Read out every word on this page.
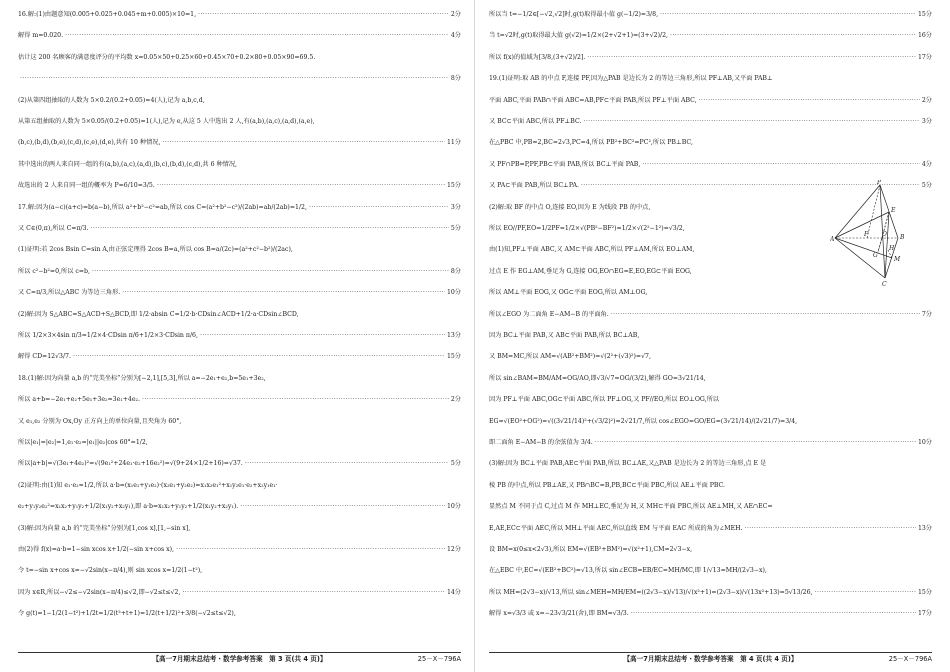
16.解:(1)由题意知(0.005+0.025+0.045+m+0.005)×10=1, ·····	2分
解得 m=0.020. ·····	4分
估计这 200 名顾客的满意度评分的平均数 x=0.05×50+0.25×60+0.45×70+0.2×80+0.05×90=69.5.
·····
8分
(2)从第四组抽取的人数为 5×0.2/(0.2+0.05)=4(人),记为 a,b,c,d,
从第五组抽取的人数为 5×0.05/(0.2+0.05)=1(人),记为 e,从这 5 人中选出 2 人,有(a,b),(a,c),(a,d),(a,e),
(b,c),(b,d),(b,e),(c,d),(c,e),(d,e),共有 10 种情况, ·····	11分
其中选出的两人来自同一组的有(a,b),(a,c),(a,d),(b,c),(b,d),(c,d),共 6 种情况,
故选出的 2 人来自同一组的概率为 P=6/10=3/5. ·····	15分
17.解:因为(a−c)(a+c)=b(a−b),所以 a²+b²−c²=ab,所以 cos C=(a²+b²−c²)/(2ab)=ab/(2ab)=1/2, ·····	3分
又 C∈(0,π),所以 C=π/3. ·····	5分
(1)证明:若 2cos Bsin C=sin A,由正弦定理得 2cos B=a,所以 cos B=a/(2c)=(a²+c²−b²)/(2ac),
所以 c²−b²=0,所以 c=b, ·····	8分
又 C=π/3,所以△ABC 为等边三角形. ·····	10分
(2)解:因为 S△ABC=S△ACD+S△BCD,即 1/2·absin C=1/2·b·CDsin∠ACD+1/2·a·CDsin∠BCD,
所以 1/2×3×4sin π/3=1/2×4·CDsin π/6+1/2×3·CDsin π/6, ·····	13分
解得 CD=12√3/7. ·····	15分
18.(1)解:因为向量 a,b 的“完美坐标”分别为[−2,1],[5,3],所以 a=−2e₁+e₂,b=5e₁+3e₂,
所以 a+b=−2e₁+e₂+5e₁+3e₂=3e₁+4e₂. ·····	2分
又 e₁,e₂ 分别为 Ox,Oy 正方向上的单位向量,且夹角为 60°,
所以|e₁|=|e₂|=1,e₁·e₂=|e₁||e₂|cos 60°=1/2,
所以|a+b|=√(3e₁+4e₂)²=√(9e₁²+24e₁·e₂+16e₂²)=√(9+24×1/2+16)=√37. ·····	5分
(2)证明:由(1)知 e₁·e₂=1/2,所以 a·b=(x₁e₁+y₁e₂)·(x₂e₁+y₂e₂)=x₁x₂e₁²+x₁y₂e₁·e₂+x₂y₁e₁·
e₂+y₁y₂e₂²=x₁x₂+y₁y₂+1/2(x₁y₂+x₂y₁),即 a·b=x₁x₂+y₁y₂+1/2(x₁y₂+x₂y₁). ·····	10分
(3)解:因为向量 a,b 的“完美坐标”分别为[1,cos x],[1,−sin x],
由(2)得 f(x)=a·b=1−sin xcos x+1/2(−sin x+cos x), ·····	12分
令 t=−sin x+cos x=−√2sin(x−π/4),则 sin xcos x=1/2(1−t²),
因为 x∈R,所以−√2≤−√2sin(x−π/4)≤√2,即−√2≤t≤√2, ·····	14分
令 g(t)=1−1/2(1−t²)+1/2t=1/2(t²+t+1)=1/2(t+1/2)²+3/8(−√2≤t≤√2),
【高一7月期末总结考・数学参考答案　第 3 页(共 4 页)】	25－X－796A
P
E
A
F O
G
B
M
H
C
所以当 t=−1/2∈[−√2,√2]时,g(t)取得最小值 g(−1/2)=3/8, ·····	15分
当 t=√2时,g(t)取得最大值 g(√2)=1/2×(2+√2+1)=(3+√2)/2, ·····	16分
所以 f(x)的值域为[3/8,(3+√2)/2]. ·····	17分
19.(1)证明:取 AB 的中点 F,连接 PF,因为△PAB 是边长为 2 的等边三角形,所以 PF⊥AB,又平面 PAB⊥
平面 ABC,平面 PAB∩平面 ABC=AB,PF⊂平面 PAB,所以 PF⊥平面 ABC, ·····	2分
又 BC⊂平面 ABC,所以 PF⊥BC. ·····	3分
在△PBC 中,PB=2,BC=2√3,PC=4,所以 PB²+BC²=PC²,所以 PB⊥BC,
又 PF∩PB=P,PF,PB⊂平面 PAB,所以 BC⊥平面 PAB, ·····	4分
又 PA⊂平面 PAB,所以 BC⊥PA. ·····	5分
(2)解:取 BF 的中点 O,连接 EO,因为 E 为线段 PB 的中点,
所以 EO//PF,EO=1/2PF=1/2×√(PB²−BF²)=1/2×√(2²−1²)=√3/2,
由(1)知,PF⊥平面 ABC,又 AM⊂平面 ABC,所以 PF⊥AM,所以 EO⊥AM,
过点 E 作 EG⊥AM,垂足为 G,连接 OG,EO∩EG=E,EO,EG⊂平面 EOG,
所以 AM⊥平面 EOG,又 OG⊂平面 EOG,所以 AM⊥OG,
所以∠EGO 为二面角 E−AM−B 的平面角. ·····	7分
因为 BC⊥平面 PAB,又 AB⊂平面 PAB,所以 BC⊥AB,
又 BM=MC,所以 AM=√(AB²+BM²)=√(2²+(√3)²)=√7,
所以 sin∠BAM=BM/AM=OG/AO,即√3/√7=OG/(3/2),解得 GO=3√21/14,
因为 PF⊥平面 ABC,OG⊂平面 ABC,所以 PF⊥OG,又 PF//EO,所以 EO⊥OG,所以
EG=√(EO²+OG²)=√((3√21/14)²+(√3/2)²)=2√21/7,所以 cos∠EGO=GO/EG=(3√21/14)/(2√21/7)=3/4,
即二面角 E−AM−B 的余弦值为 3/4. ·····	10分
(3)解:因为 BC⊥平面 PAB,AE⊂平面 PAB,所以 BC⊥AE,又△PAB 是边长为 2 的等边三角形,点 E 是
棱 PB 的中点,所以 PB⊥AE,又 PB∩BC=B,PB,BC⊂平面 PBC,所以 AE⊥平面 PBC.
显然点 M 不同于点 C,过点 M 作 MH⊥EC,垂足为 H,又 MH⊂平面 PBC,所以 AE⊥MH,又 AE∩EC=
E,AE,EC⊂平面 AEC,所以 MH⊥平面 AEC,所以直线 EM 与平面 EAC 所成的角为∠MEH. ·····	13分
设 BM=x(0≤x<2√3),所以 EM=√(EB²+BM²)=√(x²+1),CM=2√3−x,
在△EBC 中,EC=√(EB²+BC²)=√13,所以 sin∠ECB=EB/EC=MH/MC,即 1/√13=MH/(2√3−x),
所以 MH=(2√3−x)/√13,所以 sin∠MEH=MH/EM=((2√3−x)/√13)/√(x²+1)=(2√3−x)/√(13x²+13)=5√13/26, ·····	15分
解得 x=√3/3 或 x=−23√3/21(舍),即 BM=√3/3. ·····	17分
【高一7月期末总结考・数学参考答案　第 4 页(共 4 页)】	25－X－796A
